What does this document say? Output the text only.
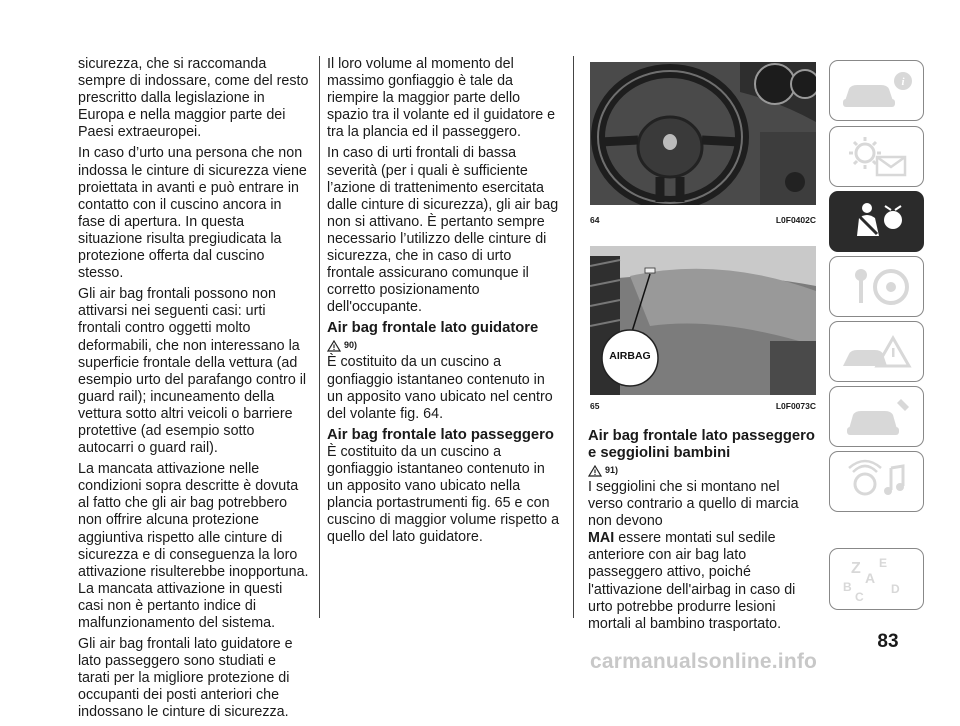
sicurezza, che si raccomanda sempre di indossare, come del resto prescritto dalla legislazione in Europa e nella maggior parte dei Paesi extraeuropei.

In caso d’urto una persona che non indossa le cinture di sicurezza viene proiettata in avanti e può entrare in contatto con il cuscino ancora in fase di apertura. In questa situazione risulta pregiudicata la protezione offerta dal cuscino stesso.

Gli air bag frontali possono non attivarsi nei seguenti casi: urti frontali contro oggetti molto deformabili, che non interessano la superficie frontale della vettura (ad esempio urto del parafango contro il guard rail); incuneamento della vettura sotto altri veicoli o barriere protettive (ad esempio sotto autocarri o guard rail).

La mancata attivazione nelle condizioni sopra descritte è dovuta al fatto che gli air bag potrebbero non offrire alcuna protezione aggiuntiva rispetto alle cinture di sicurezza e di conseguenza la loro attivazione risulterebbe inopportuna. La mancata attivazione in questi casi non è pertanto indice di malfunzionamento del sistema.

Gli air bag frontali lato guidatore e lato passeggero sono studiati e tarati per la migliore protezione di occupanti dei posti anteriori che indossano le cinture di sicurezza.

Il loro volume al momento del massimo gonfiaggio è tale da riempire la maggior parte dello spazio tra il volante ed il guidatore e tra la plancia ed il passeggero.

In caso di urti frontali di bassa severità (per i quali è sufficiente l’azione di trattenimento esercitata dalle cinture di sicurezza), gli air bag non si attivano. È pertanto sempre necessario l’utilizzo delle cinture di sicurezza, che in caso di urto frontale assicurano comunque il corretto posizionamento dell'occupante.

Air bag frontale lato guidatore
90)

È costituito da un cuscino a gonfiaggio istantaneo contenuto in un apposito vano ubicato nel centro del volante fig. 64.

Air bag frontale lato passeggero

È costituito da un cuscino a gonfiaggio istantaneo contenuto in un apposito vano ubicato nella plancia portastrumenti fig. 65 e con cuscino di maggior volume rispetto a quello del lato guidatore.

64	L0F0402C
AIRBAG
65	L0F0073C
Air bag frontale lato passeggero e seggiolini bambini
91)

I seggiolini che si montano nel verso contrario a quello di marcia non devono
MAI essere montati sul sedile anteriore con air bag lato passeggero attivo, poiché l'attivazione dell'airbag in caso di urto potrebbe produrre lesioni mortali al bambino trasportato.

i
Z E
A
B
C
D
83
carmanualsonline.info
